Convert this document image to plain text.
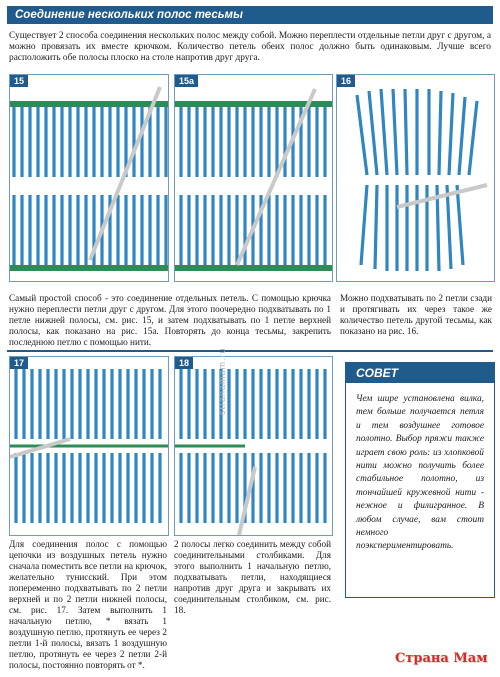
Соединение нескольких полос тесьмы
Существует 2 способа соединения нескольких полос между собой. Можно переплести отдельные петли друг с другом, а можно провязать их вместе крючком. Количество петель обеих полос должно быть одинаковым. Лучше всего расположить обе полосы плоско на столе напротив друг друга.
15	15a	16
Самый простой способ - это соединение отдельных петель. С помощью крючка нужно переплести петли друг с другом. Для этого поочередно подхватывать по 1 петле нижней полосы, см. рис. 15, и затем подхватывать по 1 петле верхней полосы, как показано на рис. 15а. Повторять до конца тесьмы, закрепить последнюю петлю с помощью нити.
Можно подхватывать по 2 петли сзади и протягивать их через такое же количество петель другой тесьмы, как показано на рис. 16.
17	18
Для соединения полос с помощью цепочки из воздушных петель нужно сначала поместить все петли на крючок, желательно тунисский. При этом попеременно подхватывать по 2 петли верхней и по 2 петли нижней полосы, см. рис. 17. Затем выполнить 1 начальную петлю, * вязать 1 воздушную петлю, протянуть ее через 2 петли 1-й полосы, вязать 1 воздушную петлю, протянуть ее через 2 петли 2-й полосы, постоянно повторять от *.
2 полосы легко соединить между собой соединительными столбиками. Для этого выполнить 1 начальную петлю, подхватывать петли, находящиеся напротив друг друга и закрывать их соединительным столбиком, см. рис. 18.
СОВЕТ
Чем шире установлена вилка, тем больше получается петля и тем воздушнее готовое полотно. Выбор пряжи также играет свою роль: из хлопковой нити можно получить более стабильное полотно, из тончайшей кружевной нити - нежное и филигранное. В любом случае, вам стоит немного поэкспериментировать.
stranamam.ru
Страна Мам
